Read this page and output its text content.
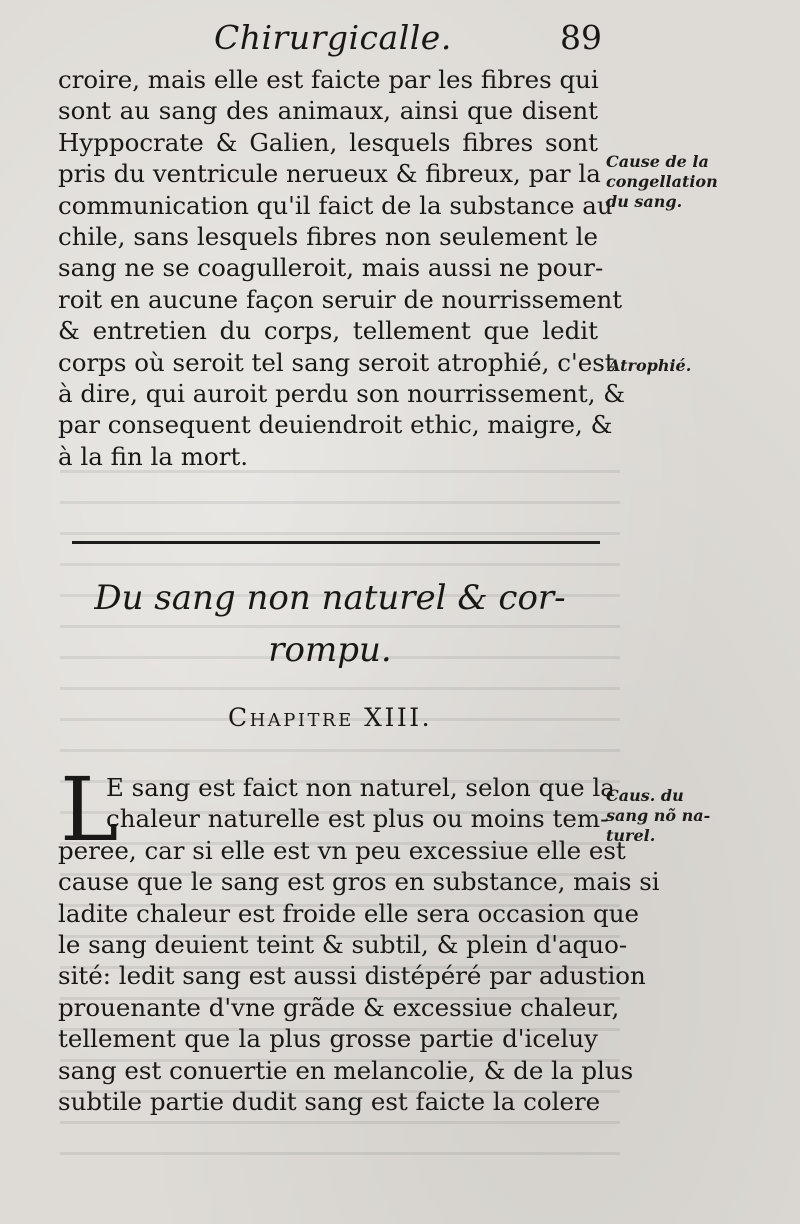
Chirurgicalle.	89
croire, mais elle est faicte par les fibres qui
sont au sang des animaux, ainsi que disent
Hyppocrate & Galien, lesquels fibres sont
pris du ventricule nerueux & fibreux, par la
communication qu'il faict de la substance au
chile, sans lesquels fibres non seulement le
sang ne se coagulleroit, mais aussi ne pour-
roit en aucune façon seruir de nourrissement
& entretien du corps, tellement que ledit
corps où seroit tel sang seroit atrophié, c'est
à dire, qui auroit perdu son nourrissement, &
par consequent deuiendroit ethic, maigre, &
à la fin la mort.
Cause de la
congellation
du sang.
Atrophié.
Du sang non naturel & cor-
rompu.
Chapitre XIII.
L
E sang est faict non naturel, selon que la
chaleur naturelle est plus ou moins tem-
peree, car si elle est vn peu excessiue elle est
cause que le sang est gros en substance, mais si
ladite chaleur est froide elle sera occasion que
le sang deuient teint & subtil, & plein d'aquo-
sité: ledit sang est aussi distépéré par adustion
prouenante d'vne grãde & excessiue chaleur,
tellement que la plus grosse partie d'iceluy
sang est conuertie en melancolie, & de la plus
subtile partie dudit sang est faicte la colere
Caus. du
sang nõ na-
turel.
